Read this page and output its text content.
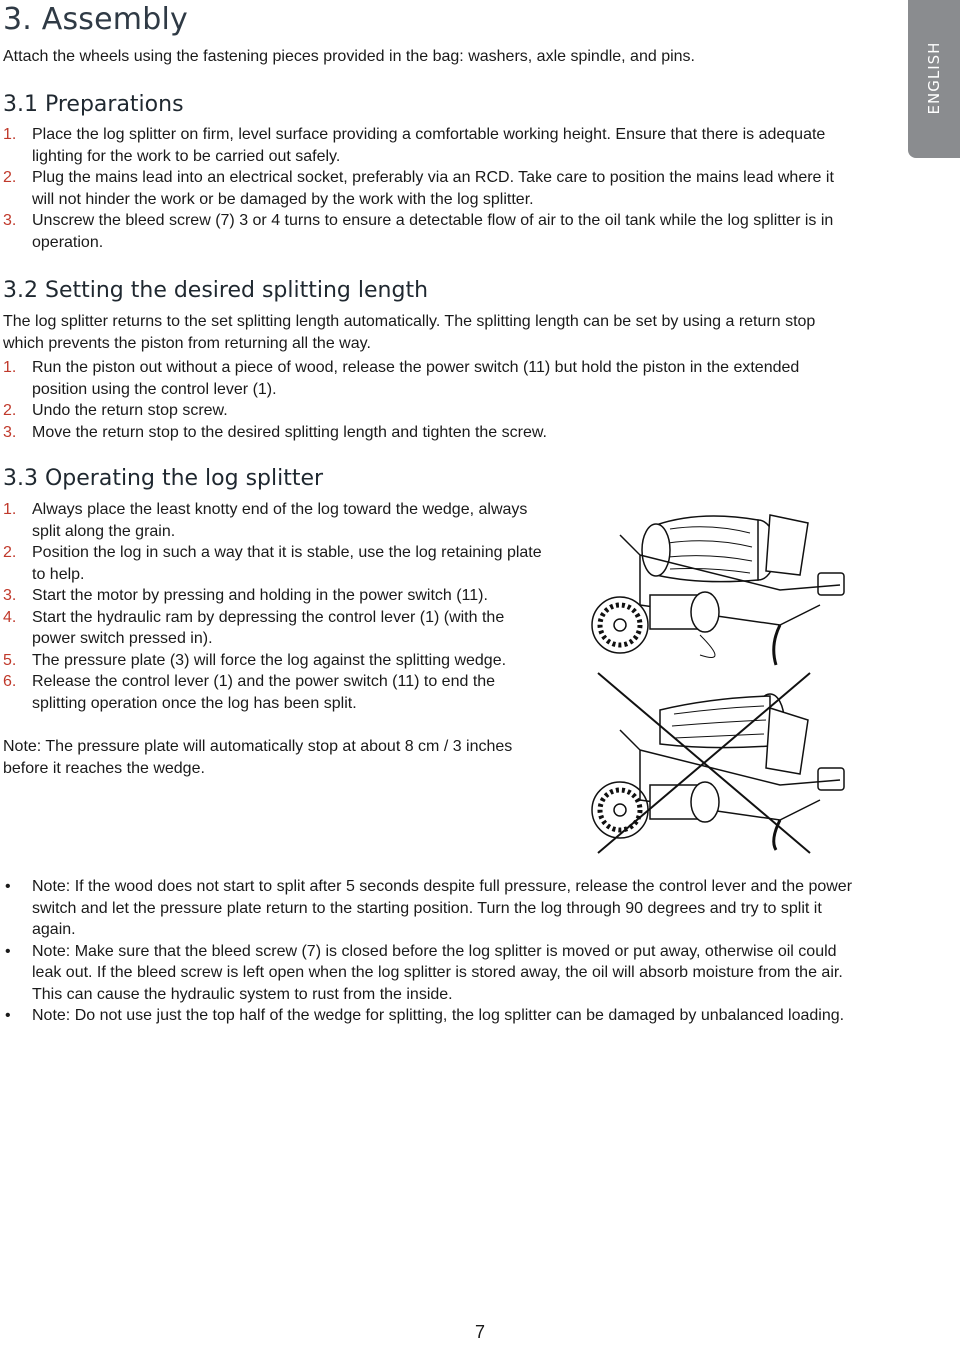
3. Assembly
Attach the wheels using the fastening pieces provided in the bag: washers, axle spindle, and pins.	ENGLISH
3.1 Preparations
1. Place the log splitter on firm, level surface providing a comfortable working height. Ensure that there is adequate lighting for the work to be carried out safely.
2. Plug the mains lead into an electrical socket, preferably via an RCD. Take care to position the mains lead where it will not hinder the work or be damaged by the work with the log splitter.
3. Unscrew the bleed screw (7) 3 or 4 turns to ensure a detectable flow of air to the oil tank while the log splitter is in operation.
3.2 Setting the desired splitting length
The log splitter returns to the set splitting length automatically. The splitting length can be set by using a return stop which prevents the piston from returning all the way.
1. Run the piston out without a piece of wood, release the power switch (11) but hold the piston in the extended position using the control lever (1).
2. Undo the return stop screw.
3. Move the return stop to the desired splitting length and tighten the screw.
3.3 Operating the log splitter
1. Always place the least knotty end of the log toward the wedge, always split along the grain.
2. Position the log in such a way that it is stable, use the log retaining plate to help.
3. Start the motor by pressing and holding in the power switch (11).
4. Start the hydraulic ram by depressing the control lever (1) (with the power switch pressed in).
5. The pressure plate (3) will force the log against the splitting wedge.
6. Release the control lever (1) and the power switch (11) to end the splitting operation once the log has been split.
Note: The pressure plate will automatically stop at about 8 cm / 3 inches before it reaches the wedge.
• Note: If the wood does not start to split after 5 seconds despite full pressure, release the control lever and the power switch and let the pressure plate return to the starting position. Turn the log through 90 degrees and try to split it again.
• Note: Make sure that the bleed screw (7) is closed before the log splitter is moved or put away, otherwise oil could leak out. If the bleed screw is left open when the log splitter is stored away, the oil will absorb moisture from the air. This can cause the hydraulic system to rust from the inside.
• Note: Do not use just the top half of the wedge for splitting, the log splitter can be damaged by unbalanced loading.
7
